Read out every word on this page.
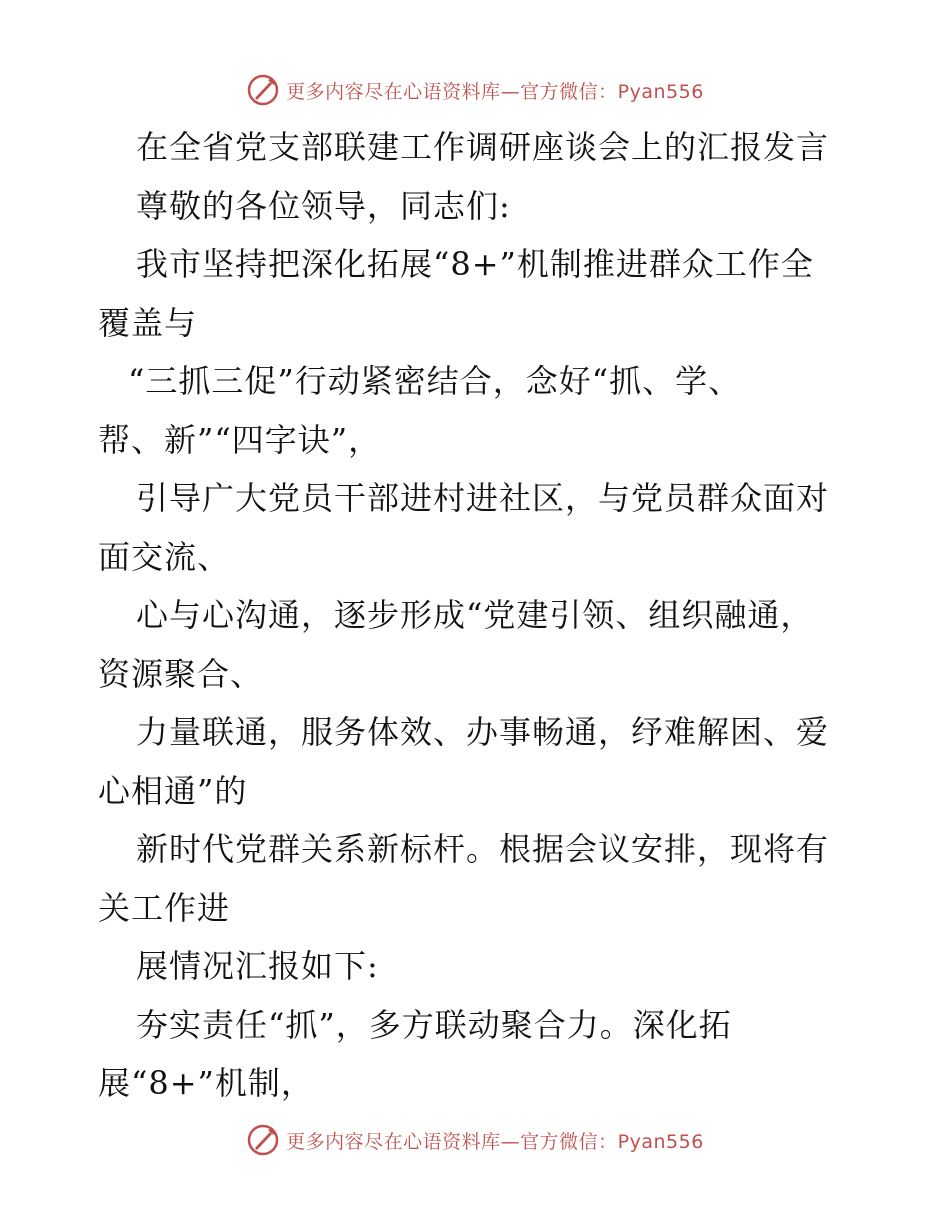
更多内容尽在心语资料库—官方微信：Pyan556
在全省党支部联建工作调研座谈会上的汇报发言
尊敬的各位领导，同志们:
我市坚持把深化拓展“8+”机制推进群众工作全
覆盖与
“三抓三促”行动紧密结合，念好“抓、学、
帮、新”“四字诀”，
引导广大党员干部进村进社区，与党员群众面对
面交流、
心与心沟通，逐步形成“党建引领、组织融通，
资源聚合、
力量联通，服务体效、办事畅通，纾难解困、爱
心相通”的
新时代党群关系新标杆。根据会议安排，现将有
关工作进
展情况汇报如下:
夯实责任“抓”，多方联动聚合力。深化拓
展“8+”机制，
更多内容尽在心语资料库—官方微信：Pyan556
